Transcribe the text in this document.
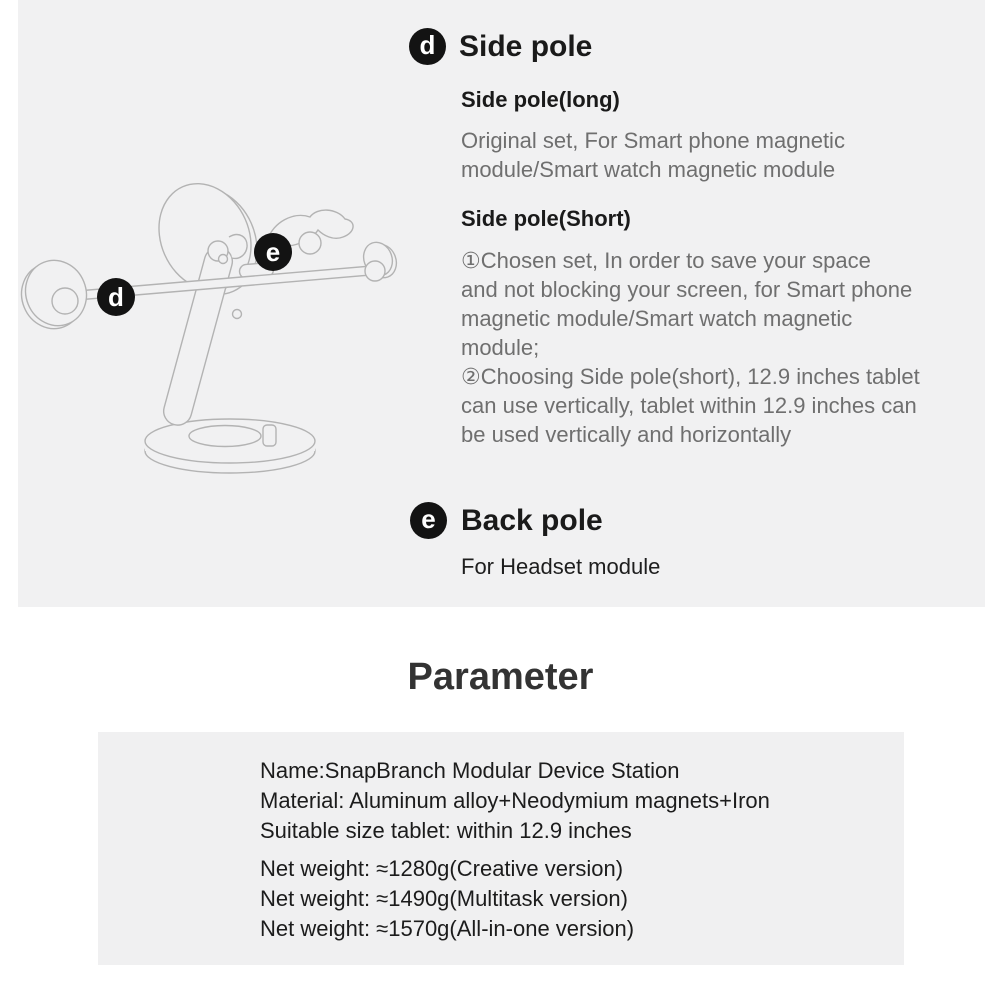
d
e
d Side pole
Side pole(long)
Original set, For Smart phone magnetic
module/Smart watch magnetic module
Side pole(Short)
①Chosen set, In order to save your space
and not blocking your screen, for Smart phone
magnetic module/Smart watch magnetic
module;
②Choosing Side pole(short), 12.9 inches tablet
can use vertically, tablet within 12.9 inches can
be used vertically and horizontally
e Back pole
For Headset module
Parameter
Name:SnapBranch Modular Device Station
Material: Aluminum alloy+Neodymium magnets+Iron
Suitable size tablet: within 12.9 inches
Net weight: ≈1280g(Creative version)
Net weight: ≈1490g(Multitask version)
Net weight: ≈1570g(All-in-one version)
